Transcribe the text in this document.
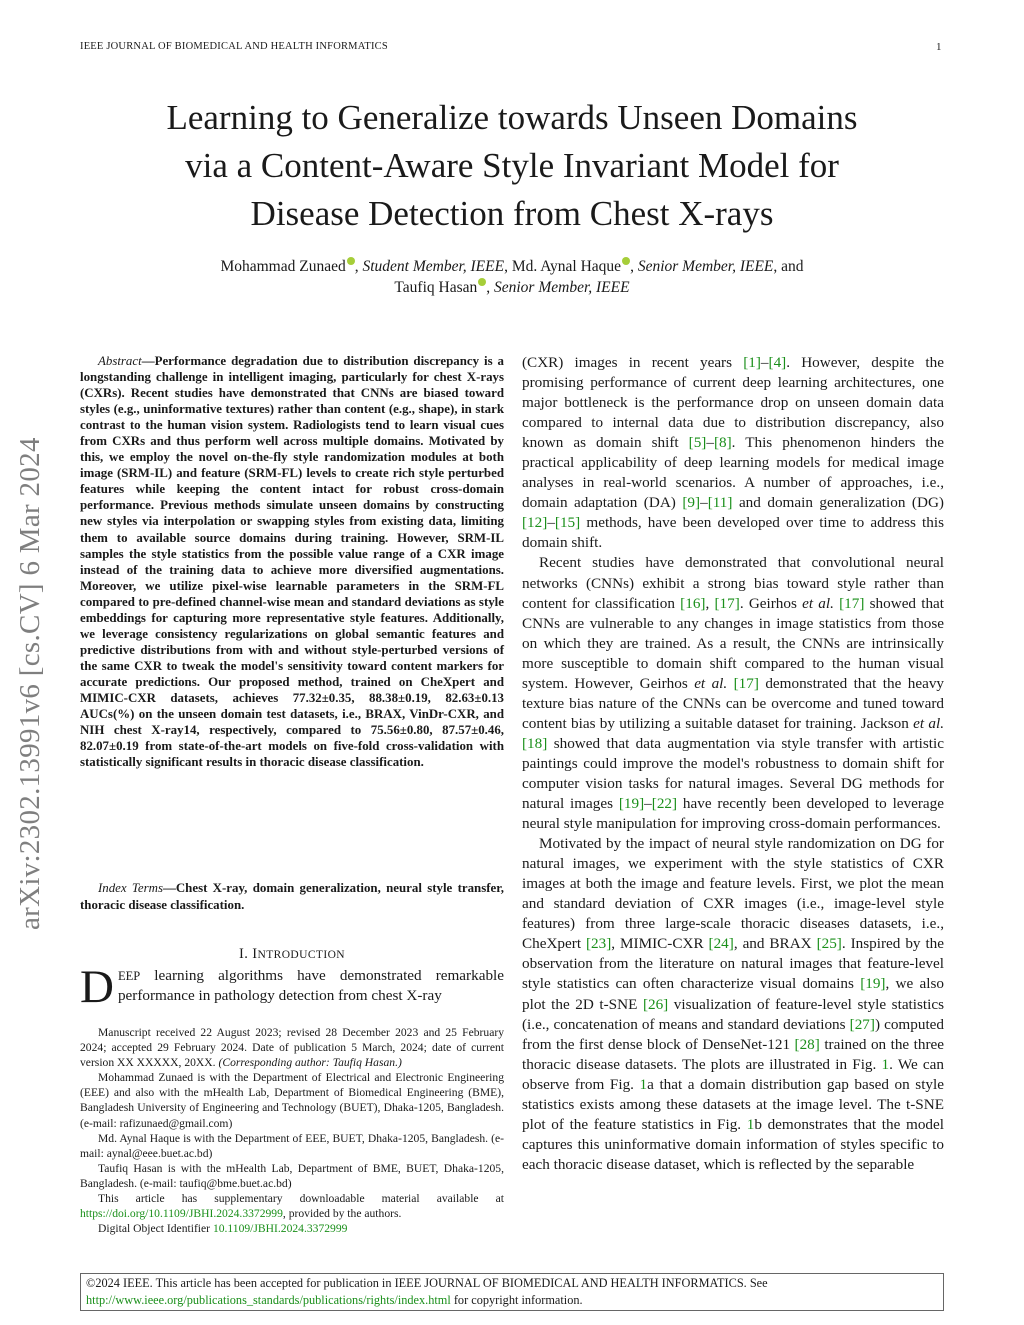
IEEE JOURNAL OF BIOMEDICAL AND HEALTH INFORMATICS	1
arXiv:2302.13991v6 [cs.CV] 6 Mar 2024
Learning to Generalize towards Unseen Domains
via a Content-Aware Style Invariant Model for
Disease Detection from Chest X-rays
Mohammad Zunaed , Student Member, IEEE, Md. Aynal Haque , Senior Member, IEEE, and
Taufiq Hasan , Senior Member, IEEE
Abstract—Performance degradation due to distribution discrepancy is a longstanding challenge in intelligent imaging, particularly for chest X-rays (CXRs). Recent studies have demonstrated that CNNs are biased toward styles (e.g., uninformative textures) rather than content (e.g., shape), in stark contrast to the human vision system. Radiologists tend to learn visual cues from CXRs and thus perform well across multiple domains. Motivated by this, we employ the novel on-the-fly style randomization modules at both image (SRM-IL) and feature (SRM-FL) levels to create rich style perturbed features while keeping the content intact for robust cross-domain performance. Previous methods simulate unseen domains by constructing new styles via interpolation or swapping styles from existing data, limiting them to available source domains during training. However, SRM-IL samples the style statistics from the possible value range of a CXR image instead of the training data to achieve more diversified augmentations. Moreover, we utilize pixel-wise learnable parameters in the SRM-FL compared to pre-defined channel-wise mean and standard deviations as style embeddings for capturing more representative style features. Additionally, we leverage consistency regularizations on global semantic features and predictive distributions from with and without style-perturbed versions of the same CXR to tweak the model's sensitivity toward content markers for accurate predictions. Our proposed method, trained on CheXpert and MIMIC-CXR datasets, achieves 77.32±0.35, 88.38±0.19, 82.63±0.13 AUCs(%) on the unseen domain test datasets, i.e., BRAX, VinDr-CXR, and NIH chest X-ray14, respectively, compared to 75.56±0.80, 87.57±0.46, 82.07±0.19 from state-of-the-art models on five-fold cross-validation with statistically significant results in thoracic disease classification.
Index Terms—Chest X-ray, domain generalization, neural style transfer, thoracic disease classification.
I. INTRODUCTION
DEEP learning algorithms have demonstrated remarkable performance in pathology detection from chest X-ray

Manuscript received 22 August 2023; revised 28 December 2023 and 25 February 2024; accepted 29 February 2024. Date of publication 5 March, 2024; date of current version XX XXXXX, 20XX. (Corresponding author: Taufiq Hasan.)

Mohammad Zunaed is with the Department of Electrical and Electronic Engineering (EEE) and also with the mHealth Lab, Department of Biomedical Engineering (BME), Bangladesh University of Engineering and Technology (BUET), Dhaka-1205, Bangladesh. (e-mail: rafizunaed@gmail.com)

Md. Aynal Haque is with the Department of EEE, BUET, Dhaka-1205, Bangladesh. (e-mail: aynal@eee.buet.ac.bd)

Taufiq Hasan is with the mHealth Lab, Department of BME, BUET, Dhaka-1205, Bangladesh. (e-mail: taufiq@bme.buet.ac.bd)

This article has supplementary downloadable material available at https://doi.org/10.1109/JBHI.2024.3372999, provided by the authors.

Digital Object Identifier 10.1109/JBHI.2024.3372999

(CXR) images in recent years [1]–[4]. However, despite the promising performance of current deep learning architectures, one major bottleneck is the performance drop on unseen domain data compared to internal data due to distribution discrepancy, also known as domain shift [5]–[8]. This phenomenon hinders the practical applicability of deep learning models for medical image analyses in real-world scenarios. A number of approaches, i.e., domain adaptation (DA) [9]–[11] and domain generalization (DG) [12]–[15] methods, have been developed over time to address this domain shift.

Recent studies have demonstrated that convolutional neural networks (CNNs) exhibit a strong bias toward style rather than content for classification [16], [17]. Geirhos et al. [17] showed that CNNs are vulnerable to any changes in image statistics from those on which they are trained. As a result, the CNNs are intrinsically more susceptible to domain shift compared to the human visual system. However, Geirhos et al. [17] demonstrated that the heavy texture bias nature of the CNNs can be overcome and tuned toward content bias by utilizing a suitable dataset for training. Jackson et al. [18] showed that data augmentation via style transfer with artistic paintings could improve the model's robustness to domain shift for computer vision tasks for natural images. Several DG methods for natural images [19]–[22] have recently been developed to leverage neural style manipulation for improving cross-domain performances.

Motivated by the impact of neural style randomization on DG for natural images, we experiment with the style statistics of CXR images at both the image and feature levels. First, we plot the mean and standard deviation of CXR images (i.e., image-level style features) from three large-scale thoracic diseases datasets, i.e., CheXpert [23], MIMIC-CXR [24], and BRAX [25]. Inspired by the observation from the literature on natural images that feature-level style statistics can often characterize visual domains [19], we also plot the 2D t-SNE [26] visualization of feature-level style statistics (i.e., concatenation of means and standard deviations [27]) computed from the first dense block of DenseNet-121 [28] trained on the three thoracic disease datasets. The plots are illustrated in Fig. 1. We can observe from Fig. 1a that a domain distribution gap based on style statistics exists among these datasets at the image level. The t-SNE plot of the feature statistics in Fig. 1b demonstrates that the model captures this uninformative domain information of styles specific to each thoracic disease dataset, which is reflected by the separable

©2024 IEEE. This article has been accepted for publication in IEEE JOURNAL OF BIOMEDICAL AND HEALTH INFORMATICS. See http://www.ieee.org/publications_standards/publications/rights/index.html for copyright information.
